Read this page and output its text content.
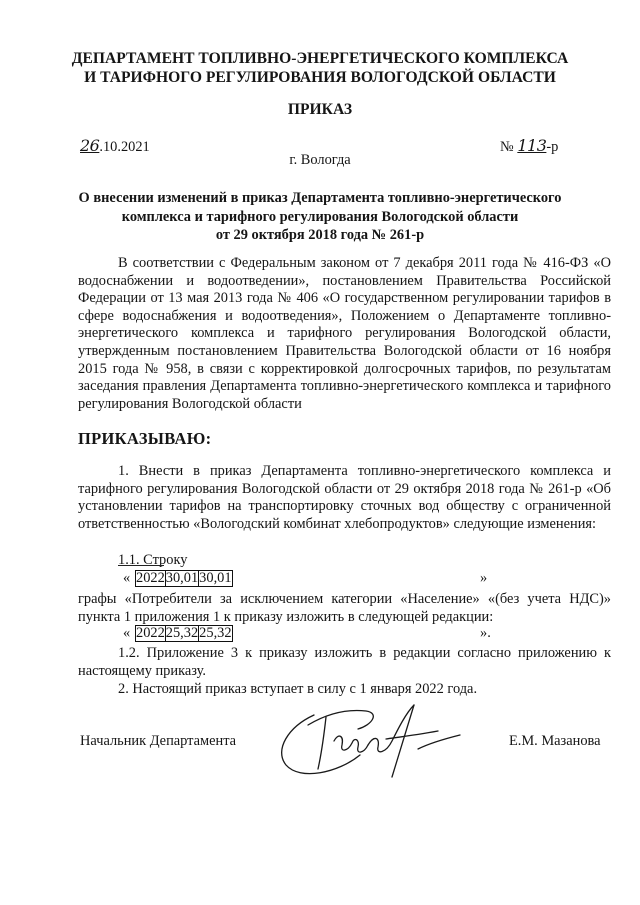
ДЕПАРТАМЕНТ ТОПЛИВНО-ЭНЕРГЕТИЧЕСКОГО КОМПЛЕКСА
И ТАРИФНОГО РЕГУЛИРОВАНИЯ ВОЛОГОДСКОЙ ОБЛАСТИ
ПРИКАЗ
26.10.2021	№ 113-р
г. Вологда
О внесении изменений в приказ Департамента топливно-энергетического
комплекса и тарифного регулирования Вологодской области
от 29 октября 2018 года № 261-р
В соответствии с Федеральным законом от 7 декабря 2011 года № 416-ФЗ «О водоснабжении и водоотведении», постановлением Правительства Российской Федерации от 13 мая 2013 года № 406 «О государственном регулировании тарифов в сфере водоснабжения и водоотведения», Положением о Департаменте топливно-энергетического комплекса и тарифного регулирования Вологодской области, утвержденным постановлением Правительства Вологодской области от 16 ноября 2015 года № 958, в связи с корректировкой долгосрочных тарифов, по результатам заседания правления Департамента топливно-энергетического комплекса и тарифного регулирования Вологодской области
ПРИКАЗЫВАЮ:
1. Внести в приказ Департамента топливно-энергетического комплекса и тарифного регулирования Вологодской области от 29 октября 2018 года № 261-р «Об установлении тарифов на транспортировку сточных вод обществу с ограниченной ответственностью «Вологодский комбинат хлебопродуктов» следующие изменения:
1.1. Строку
« 2022	30,01	30,01	»
графы «Потребители за исключением категории «Население» «(без учета НДС)» пункта 1 приложения 1 к приказу изложить в следующей редакции:
« 2022	25,32	25,32	».
1.2. Приложение 3 к приказу изложить в редакции согласно приложению к настоящему приказу.
2. Настоящий приказ вступает в силу с 1 января 2022 года.
Начальник Департамента	Е.М. Мазанова
